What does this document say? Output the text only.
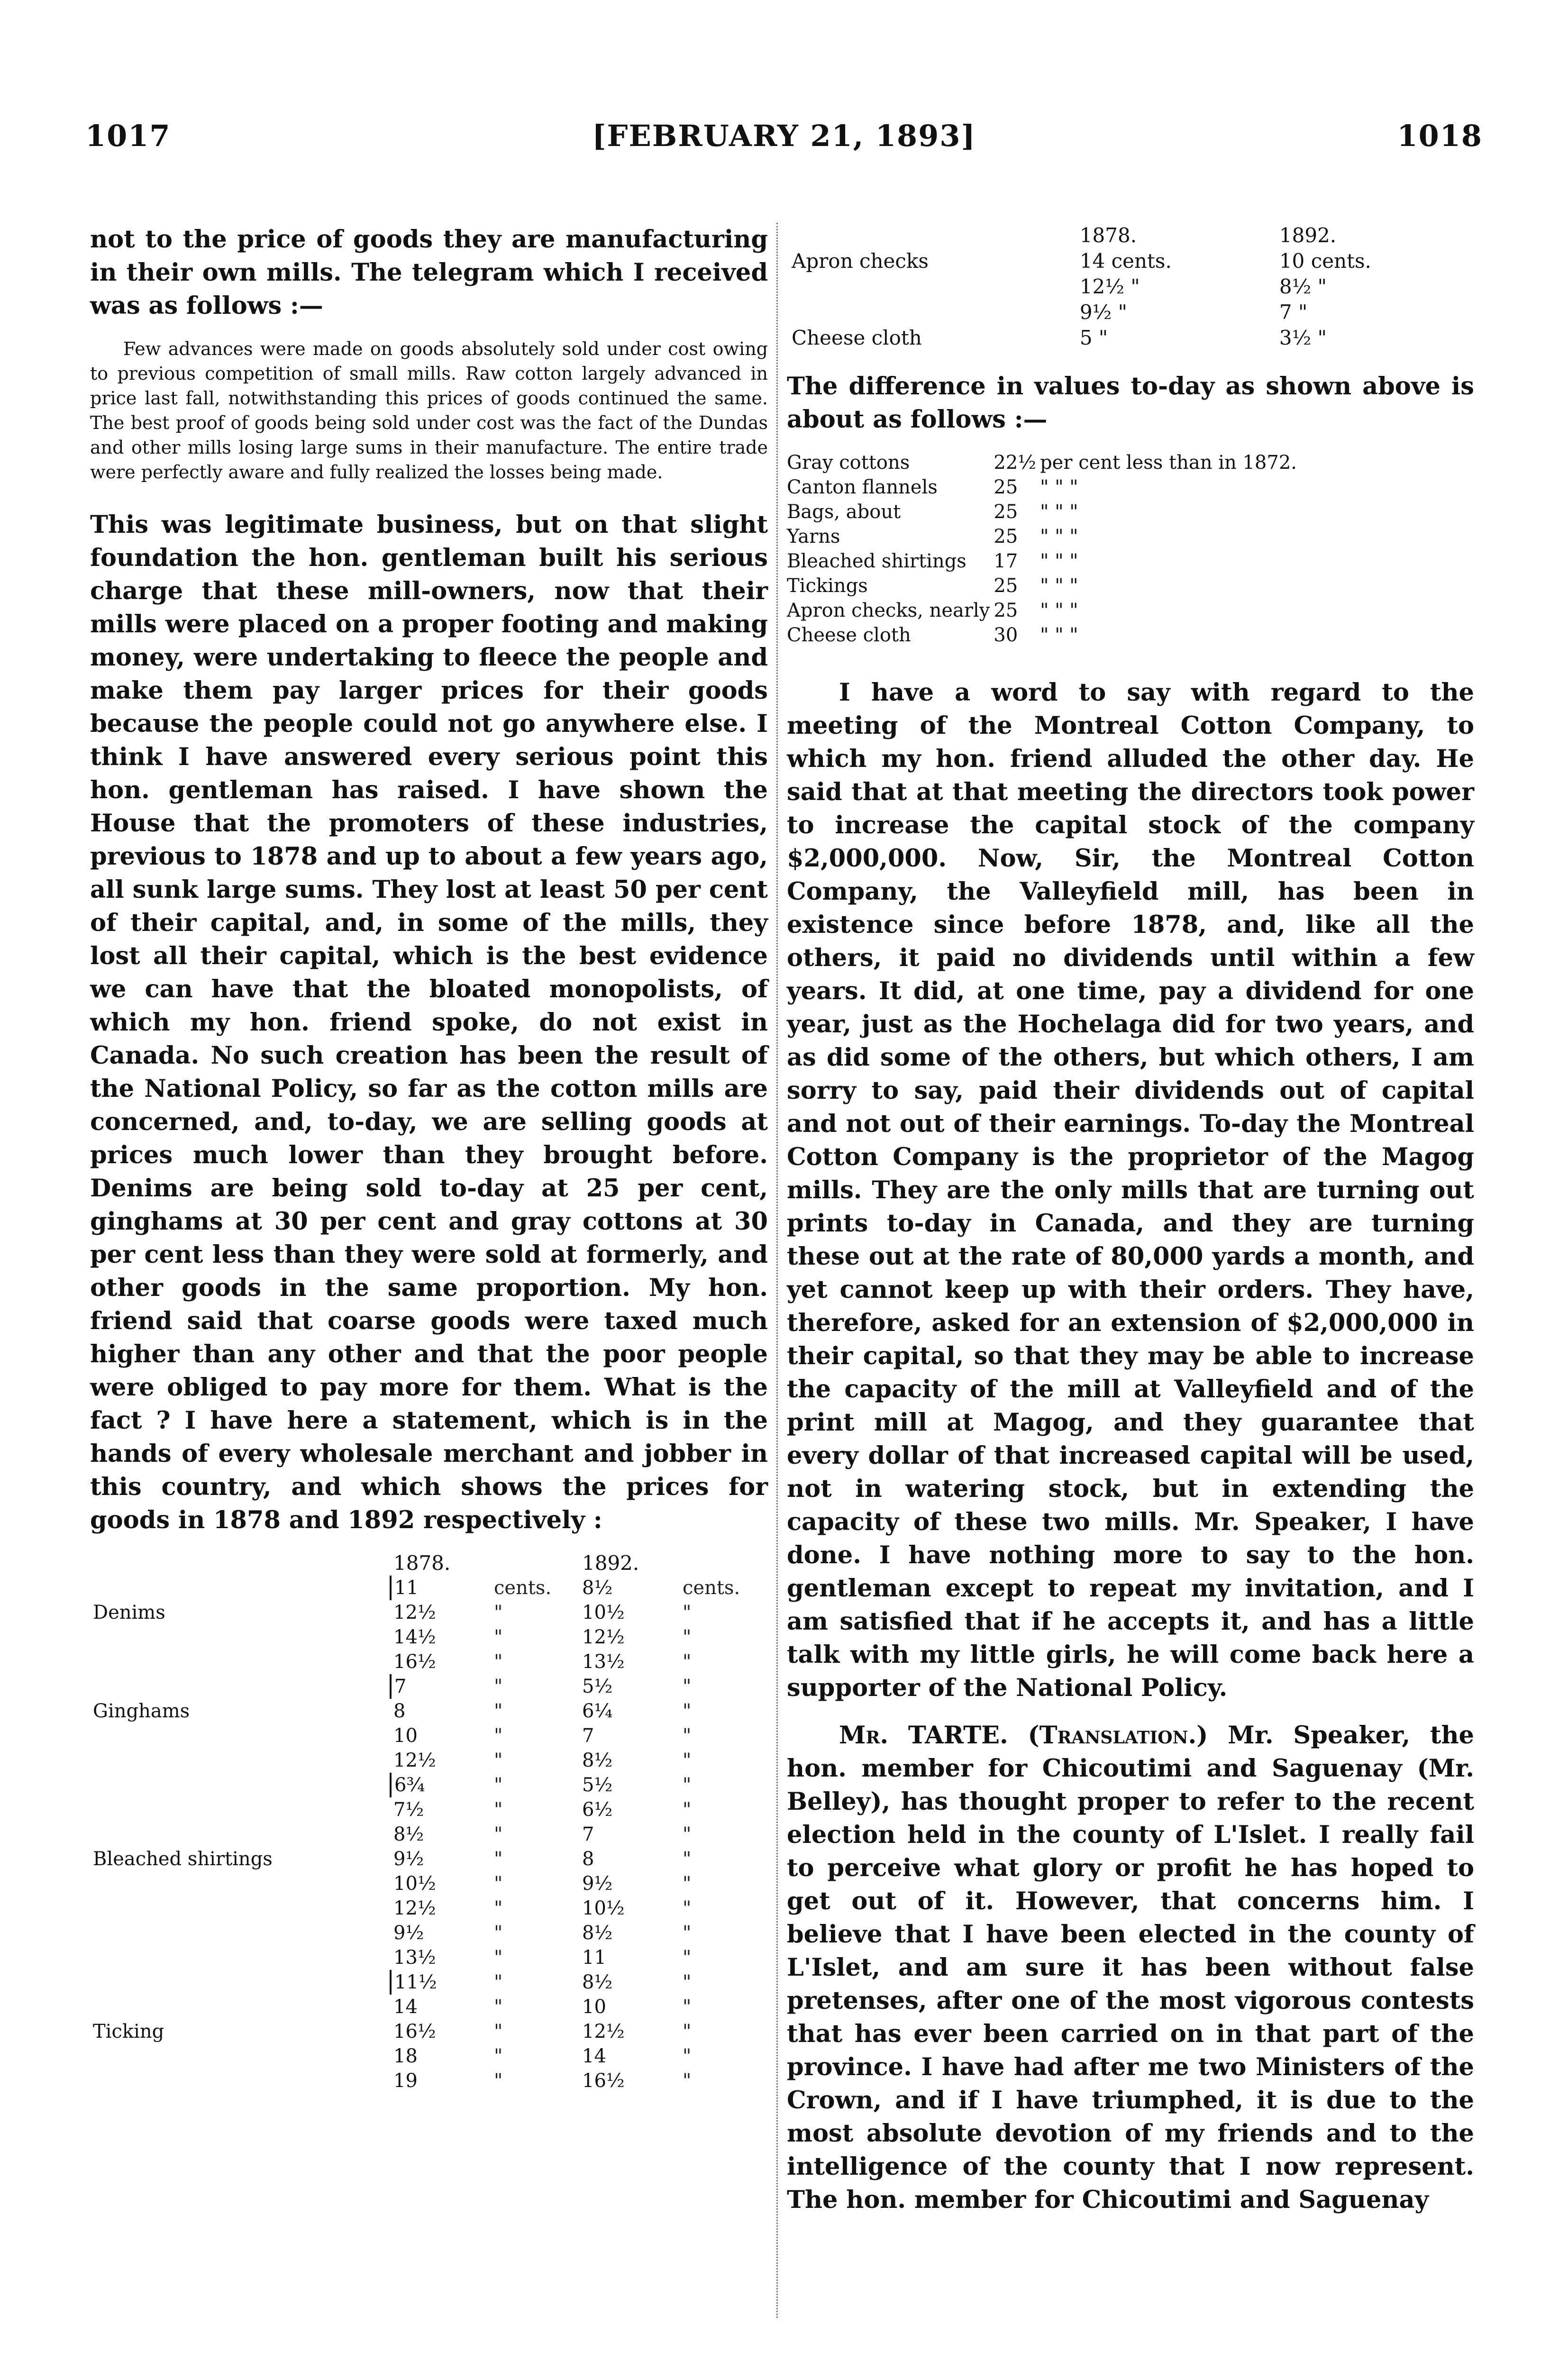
1017	[FEBRUARY 21, 1893]	1018

not to the price of goods they are manufacturing in their own mills. The telegram which I received was as follows :—

Few advances were made on goods absolutely sold under cost owing to previous competition of small mills. Raw cotton largely advanced in price last fall, notwithstanding this prices of goods continued the same. The best proof of goods being sold under cost was the fact of the Dundas and other mills losing large sums in their manufacture. The entire trade were perfectly aware and fully realized the losses being made.

This was legitimate business, but on that slight foundation the hon. gentleman built his serious charge that these mill-owners, now that their mills were placed on a proper footing and making money, were undertaking to fleece the people and make them pay larger prices for their goods because the people could not go anywhere else. I think I have answered every serious point this hon. gentleman has raised. I have shown the House that the promoters of these industries, previous to 1878 and up to about a few years ago, all sunk large sums. They lost at least 50 per cent of their capital, and, in some of the mills, they lost all their capital, which is the best evidence we can have that the bloated monopolists, of which my hon. friend spoke, do not exist in Canada. No such creation has been the result of the National Policy, so far as the cotton mills are concerned, and, to-day, we are selling goods at prices much lower than they brought before. Denims are being sold to-day at 25 per cent, ginghams at 30 per cent and gray cottons at 30 per cent less than they were sold at formerly, and other goods in the same proportion. My hon. friend said that coarse goods were taxed much higher than any other and that the poor people were obliged to pay more for them. What is the fact ? I have here a statement, which is in the hands of every wholesale merchant and jobber in this country, and which shows the prices for goods in 1878 and 1892 respectively :

	1878.		1892.	
	11	cents.	8½	cents.
Denims	12½	"	10½	"
	14½	"	12½	"
	16½	"	13½	"
	7	"	5½	"
Ginghams	8	"	6¼	"
	10	"	7	"
	12½	"	8½	"
	6¾	"	5½	"
	7½	"	6½	"
	8½	"	7	"
Bleached shirtings	9½	"	8	"
	10½	"	9½	"
	12½	"	10½	"
	9½	"	8½	"
	13½	"	11	"
	11½	"	8½	"
	14	"	10	"
Ticking	16½	"	12½	"
	18	"	14	"
	19	"	16½	"
	1878.	1892.
Apron checks	14 cents.	10 cents.
	12½ "	8½ "
	9½ "	7 "
Cheese cloth	5 "	3½ "

The difference in values to-day as shown above is about as follows :—

Gray cottons	22½	per cent less than in 1872.
Canton flannels	25	" " "
Bags, about	25	" " "
Yarns	25	" " "
Bleached shirtings	17	" " "
Tickings	25	" " "
Apron checks, nearly	25	" " "
Cheese cloth	30	" " "

I have a word to say with regard to the meeting of the Montreal Cotton Company, to which my hon. friend alluded the other day. He said that at that meeting the directors took power to increase the capital stock of the company $2,000,000. Now, Sir, the Montreal Cotton Company, the Valleyfield mill, has been in existence since before 1878, and, like all the others, it paid no dividends until within a few years. It did, at one time, pay a dividend for one year, just as the Hochelaga did for two years, and as did some of the others, but which others, I am sorry to say, paid their dividends out of capital and not out of their earnings. To-day the Montreal Cotton Company is the proprietor of the Magog mills. They are the only mills that are turning out prints to-day in Canada, and they are turning these out at the rate of 80,000 yards a month, and yet cannot keep up with their orders. They have, therefore, asked for an extension of $2,000,000 in their capital, so that they may be able to increase the capacity of the mill at Valleyfield and of the print mill at Magog, and they guarantee that every dollar of that increased capital will be used, not in watering stock, but in extending the capacity of these two mills. Mr. Speaker, I have done. I have nothing more to say to the hon. gentleman except to repeat my invitation, and I am satisfied that if he accepts it, and has a little talk with my little girls, he will come back here a supporter of the National Policy.

Mr. TARTE. (Translation.) Mr. Speaker, the hon. member for Chicoutimi and Saguenay (Mr. Belley), has thought proper to refer to the recent election held in the county of L'Islet. I really fail to perceive what glory or profit he has hoped to get out of it. However, that concerns him. I believe that I have been elected in the county of L'Islet, and am sure it has been without false pretenses, after one of the most vigorous contests that has ever been carried on in that part of the province. I have had after me two Ministers of the Crown, and if I have triumphed, it is due to the most absolute devotion of my friends and to the intelligence of the county that I now represent. The hon. member for Chicoutimi and Saguenay
